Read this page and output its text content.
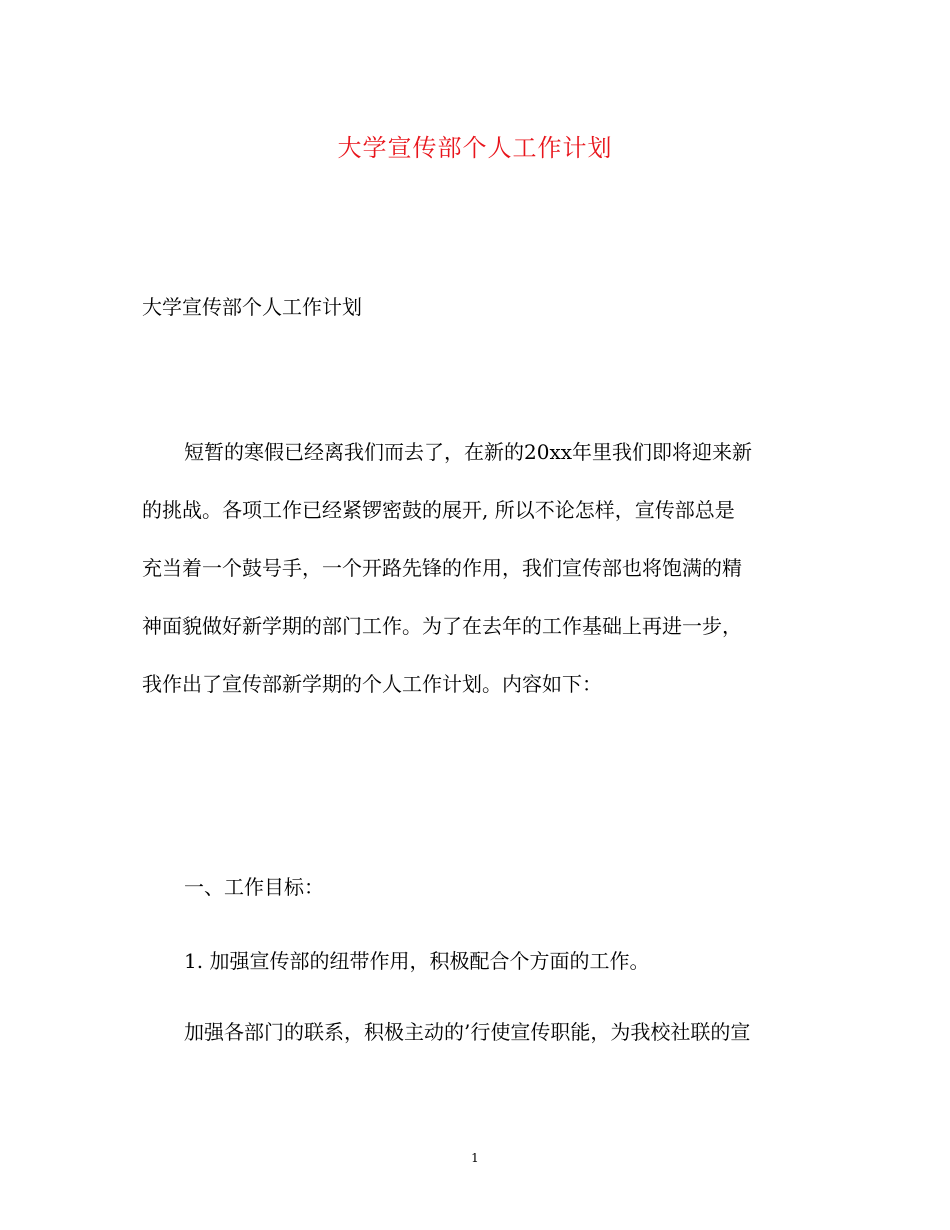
大学宣传部个人工作计划
大学宣传部个人工作计划
短暂的寒假已经离我们而去了，在新的20xx年里我们即将迎来新
的挑战。各项工作已经紧锣密鼓的展开, 所以不论怎样，宣传部总是
充当着一个鼓号手，一个开路先锋的作用，我们宣传部也将饱满的精
神面貌做好新学期的部门工作。为了在去年的工作基础上再进一步，
我作出了宣传部新学期的个人工作计划。内容如下：
一、工作目标：
1. 加强宣传部的纽带作用，积极配合个方面的工作。
加强各部门的联系，积极主动的’行使宣传职能，为我校社联的宣
1
